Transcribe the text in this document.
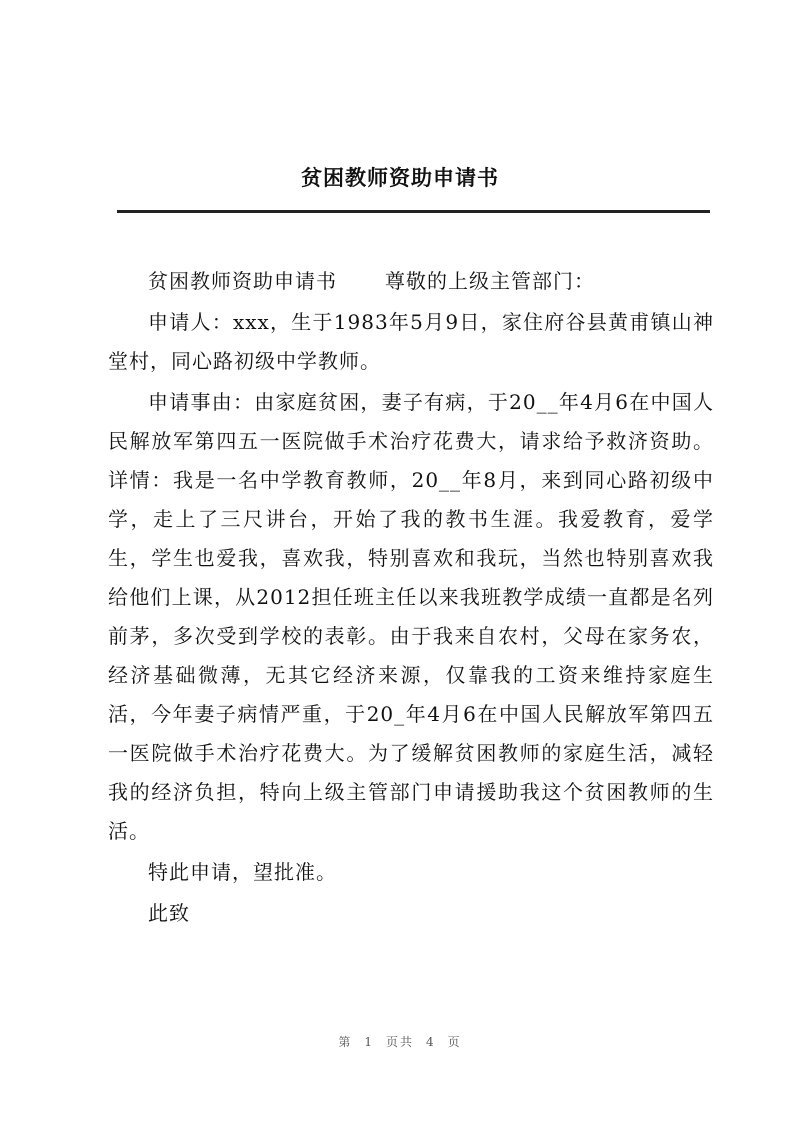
贫困教师资助申请书

贫困教师资助申请书 尊敬的上级主管部门：

申请人：xxx，生于1983年5月9日，家住府谷县黄甫镇山神堂村，同心路初级中学教师。

申请事由：由家庭贫困，妻子有病，于20__年4月6在中国人民解放军第四五一医院做手术治疗花费大，请求给予救济资助。详情：我是一名中学教育教师，20__年8月，来到同心路初级中学，走上了三尺讲台，开始了我的教书生涯。我爱教育，爱学生，学生也爱我，喜欢我，特别喜欢和我玩，当然也特别喜欢我给他们上课，从2012担任班主任以来我班教学成绩一直都是名列前茅，多次受到学校的表彰。由于我来自农村，父母在家务农，经济基础微薄，无其它经济来源，仅靠我的工资来维持家庭生活，今年妻子病情严重，于20_年4月6在中国人民解放军第四五一医院做手术治疗花费大。为了缓解贫困教师的家庭生活，减轻我的经济负担，特向上级主管部门申请援助我这个贫困教师的生活。

特此申请，望批准。

此致

第 1 页共 4 页
